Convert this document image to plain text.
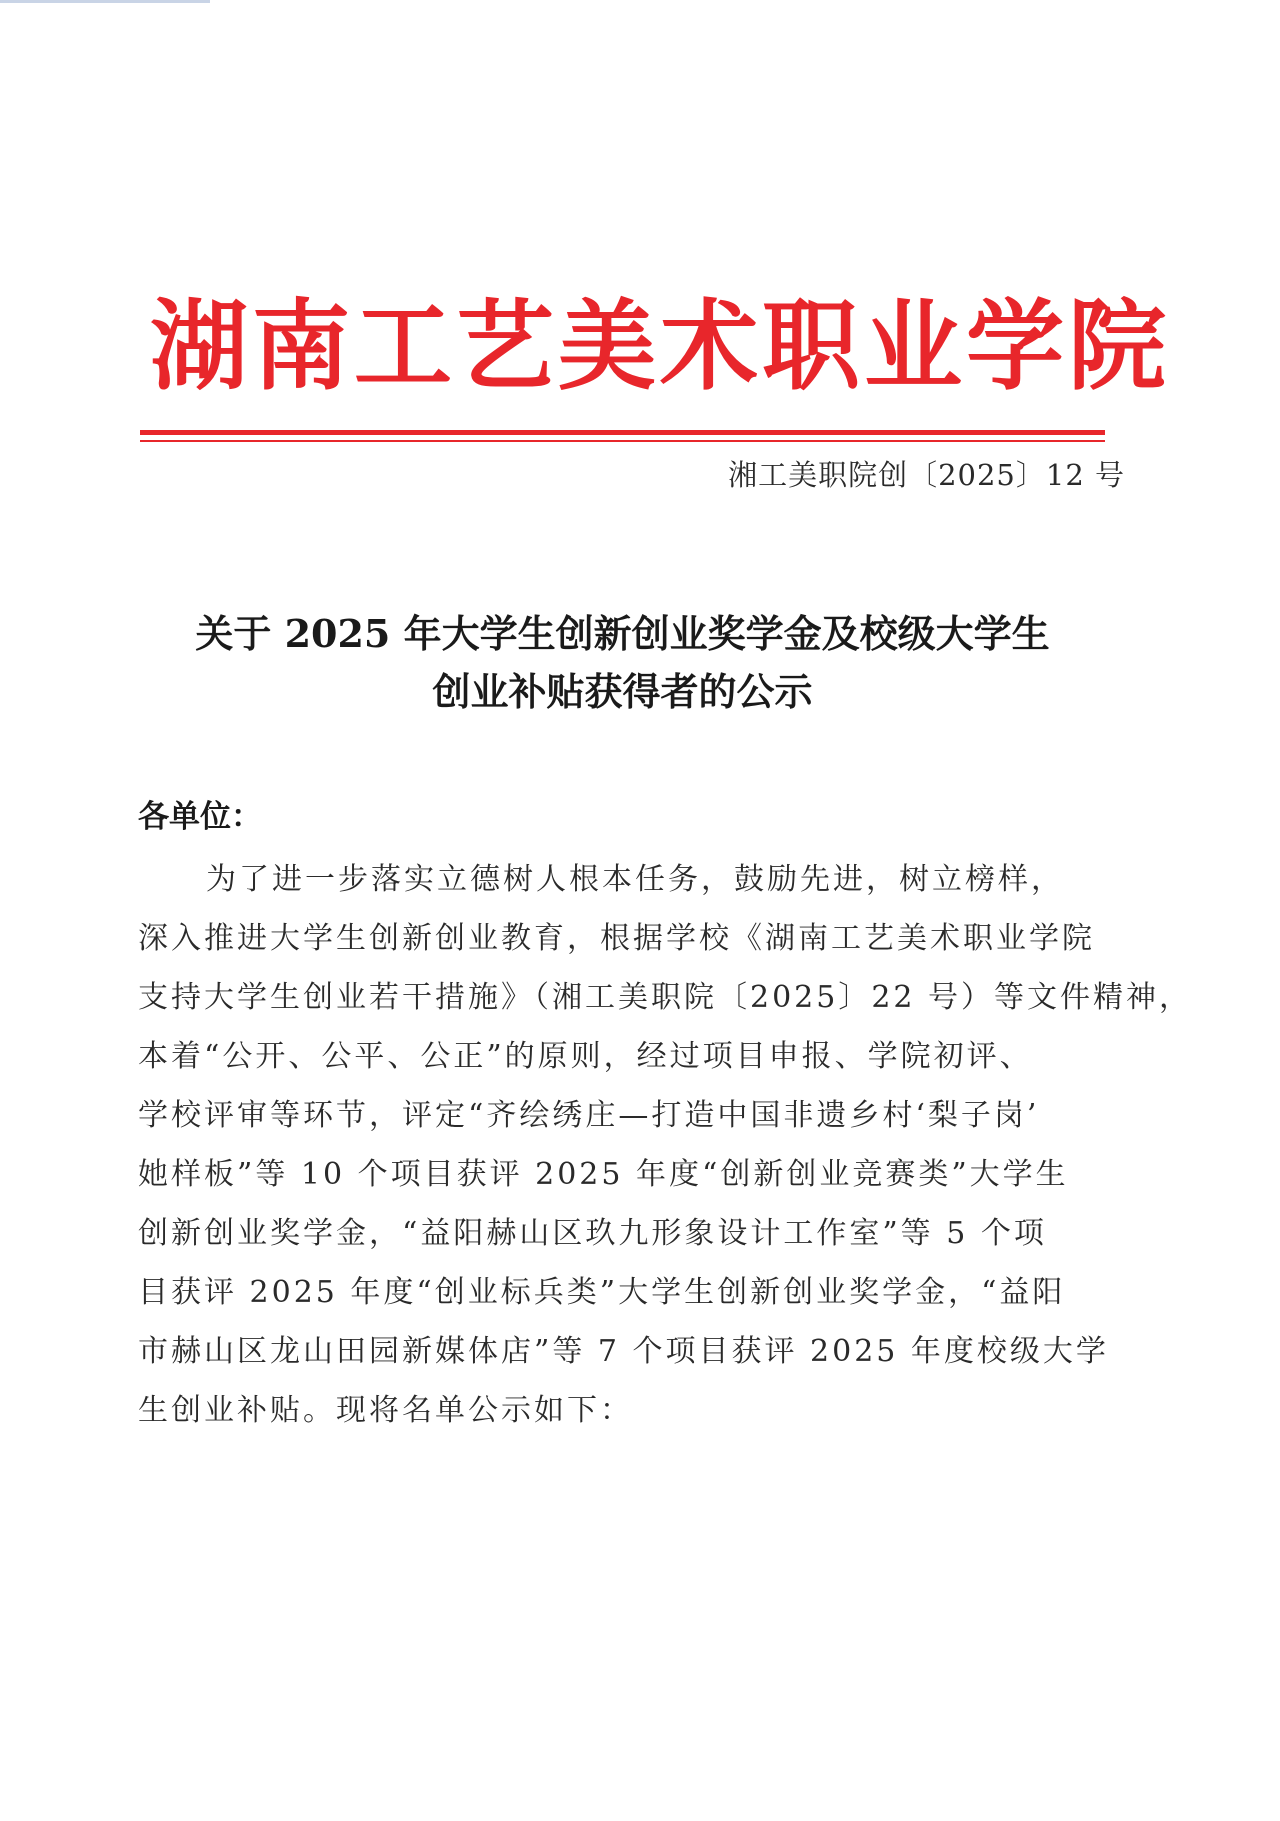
湖南工艺美术职业学院
湘工美职院创〔2025〕12 号
关于 2025 年大学生创新创业奖学金及校级大学生
创业补贴获得者的公示
各单位：
为了进一步落实立德树人根本任务，鼓励先进，树立榜样，
深入推进大学生创新创业教育，根据学校《湖南工艺美术职业学院
支持大学生创业若干措施》（湘工美职院〔2025〕22 号）等文件精神，
本着“公开、公平、公正”的原则，经过项目申报、学院初评、
学校评审等环节，评定“齐绘绣庄—打造中国非遗乡村‘梨子岗’
她样板”等 10 个项目获评 2025 年度“创新创业竞赛类”大学生
创新创业奖学金，“益阳赫山区玖九形象设计工作室”等 5 个项
目获评 2025 年度“创业标兵类”大学生创新创业奖学金，“益阳
市赫山区龙山田园新媒体店”等 7 个项目获评 2025 年度校级大学
生创业补贴。现将名单公示如下：
